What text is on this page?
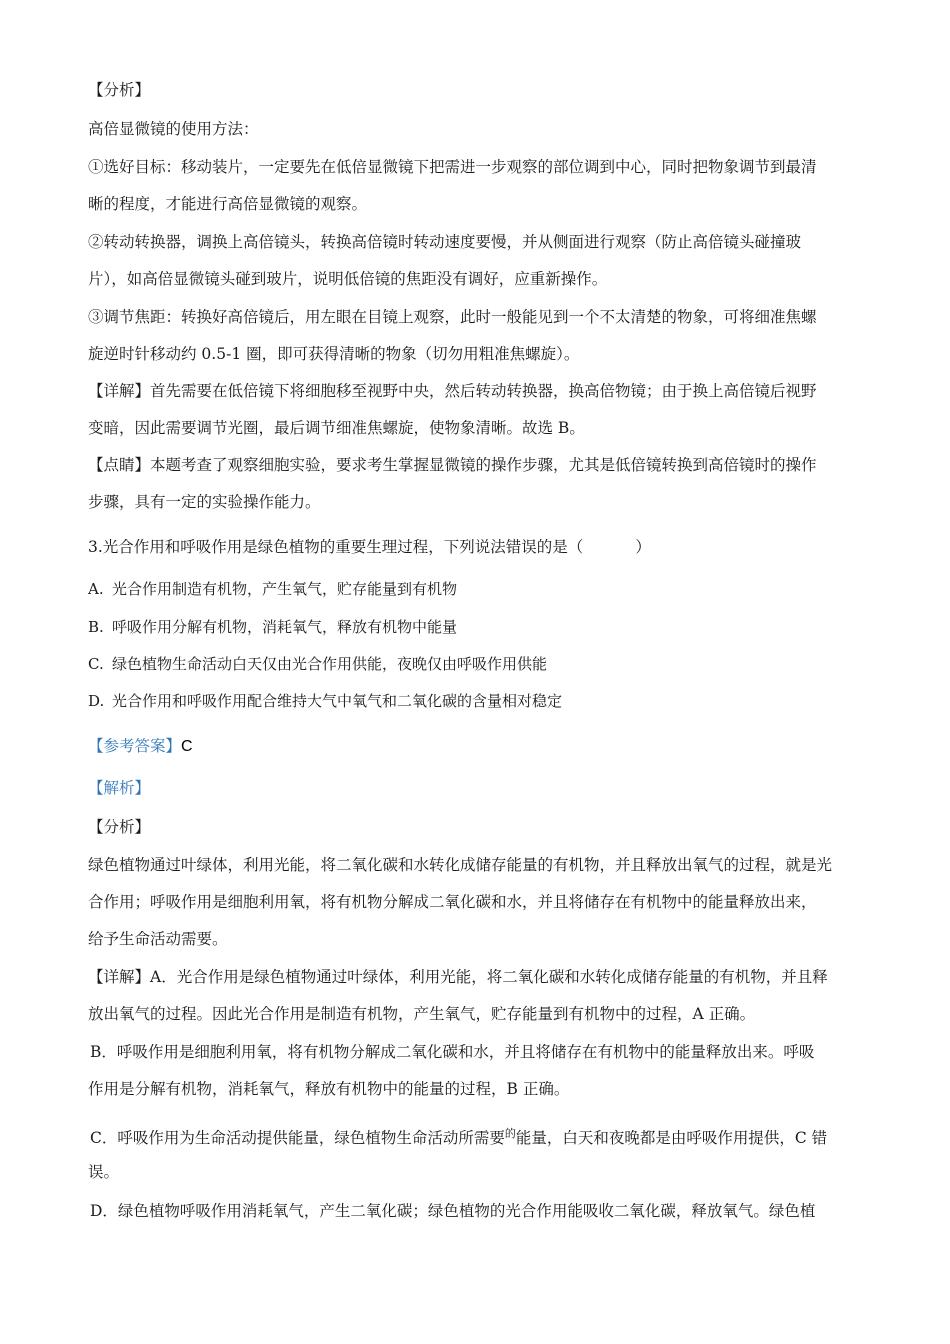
【分析】
高倍显微镜的使用方法：
①选好目标：移动装片，一定要先在低倍显微镜下把需进一步观察的部位调到中心，同时把物象调节到最清
晰的程度，才能进行高倍显微镜的观察。
②转动转换器，调换上高倍镜头，转换高倍镜时转动速度要慢，并从侧面进行观察（防止高倍镜头碰撞玻
片），如高倍显微镜头碰到玻片，说明低倍镜的焦距没有调好，应重新操作。
③调节焦距：转换好高倍镜后，用左眼在目镜上观察，此时一般能见到一个不太清楚的物象，可将细准焦螺
旋逆时针移动约 0.5-1 圈，即可获得清晰的物象（切勿用粗准焦螺旋）。
【详解】首先需要在低倍镜下将细胞移至视野中央，然后转动转换器，换高倍物镜；由于换上高倍镜后视野
变暗，因此需要调节光圈，最后调节细准焦螺旋，使物象清晰。故选 B。
【点睛】本题考查了观察细胞实验，要求考生掌握显微镜的操作步骤，尤其是低倍镜转换到高倍镜时的操作
步骤，具有一定的实验操作能力。
3.光合作用和呼吸作用是绿色植物的重要生理过程，下列说法错误的是（	）
A. 光合作用制造有机物，产生氧气，贮存能量到有机物
B. 呼吸作用分解有机物，消耗氧气，释放有机物中能量
C. 绿色植物生命活动白天仅由光合作用供能，夜晚仅由呼吸作用供能
D. 光合作用和呼吸作用配合维持大气中氧气和二氧化碳的含量相对稳定
【参考答案】C
【解析】
【分析】
绿色植物通过叶绿体，利用光能，将二氧化碳和水转化成储存能量的有机物，并且释放出氧气的过程，就是光
合作用；呼吸作用是细胞利用氧，将有机物分解成二氧化碳和水，并且将储存在有机物中的能量释放出来，
给予生命活动需要。
【详解】A．光合作用是绿色植物通过叶绿体，利用光能，将二氧化碳和水转化成储存能量的有机物，并且释
放出氧气的过程。因此光合作用是制造有机物，产生氧气，贮存能量到有机物中的过程，A 正确。
B．呼吸作用是细胞利用氧，将有机物分解成二氧化碳和水，并且将储存在有机物中的能量释放出来。呼吸
作用是分解有机物，消耗氧气，释放有机物中的能量的过程，B 正确。
C．呼吸作用为生命活动提供能量，绿色植物生命活动所需要$^的$能量，白天和夜晚都是由呼吸作用提供，C 错
误。
D．绿色植物呼吸作用消耗氧气，产生二氧化碳；绿色植物的光合作用能吸收二氧化碳，释放氧气。绿色植
